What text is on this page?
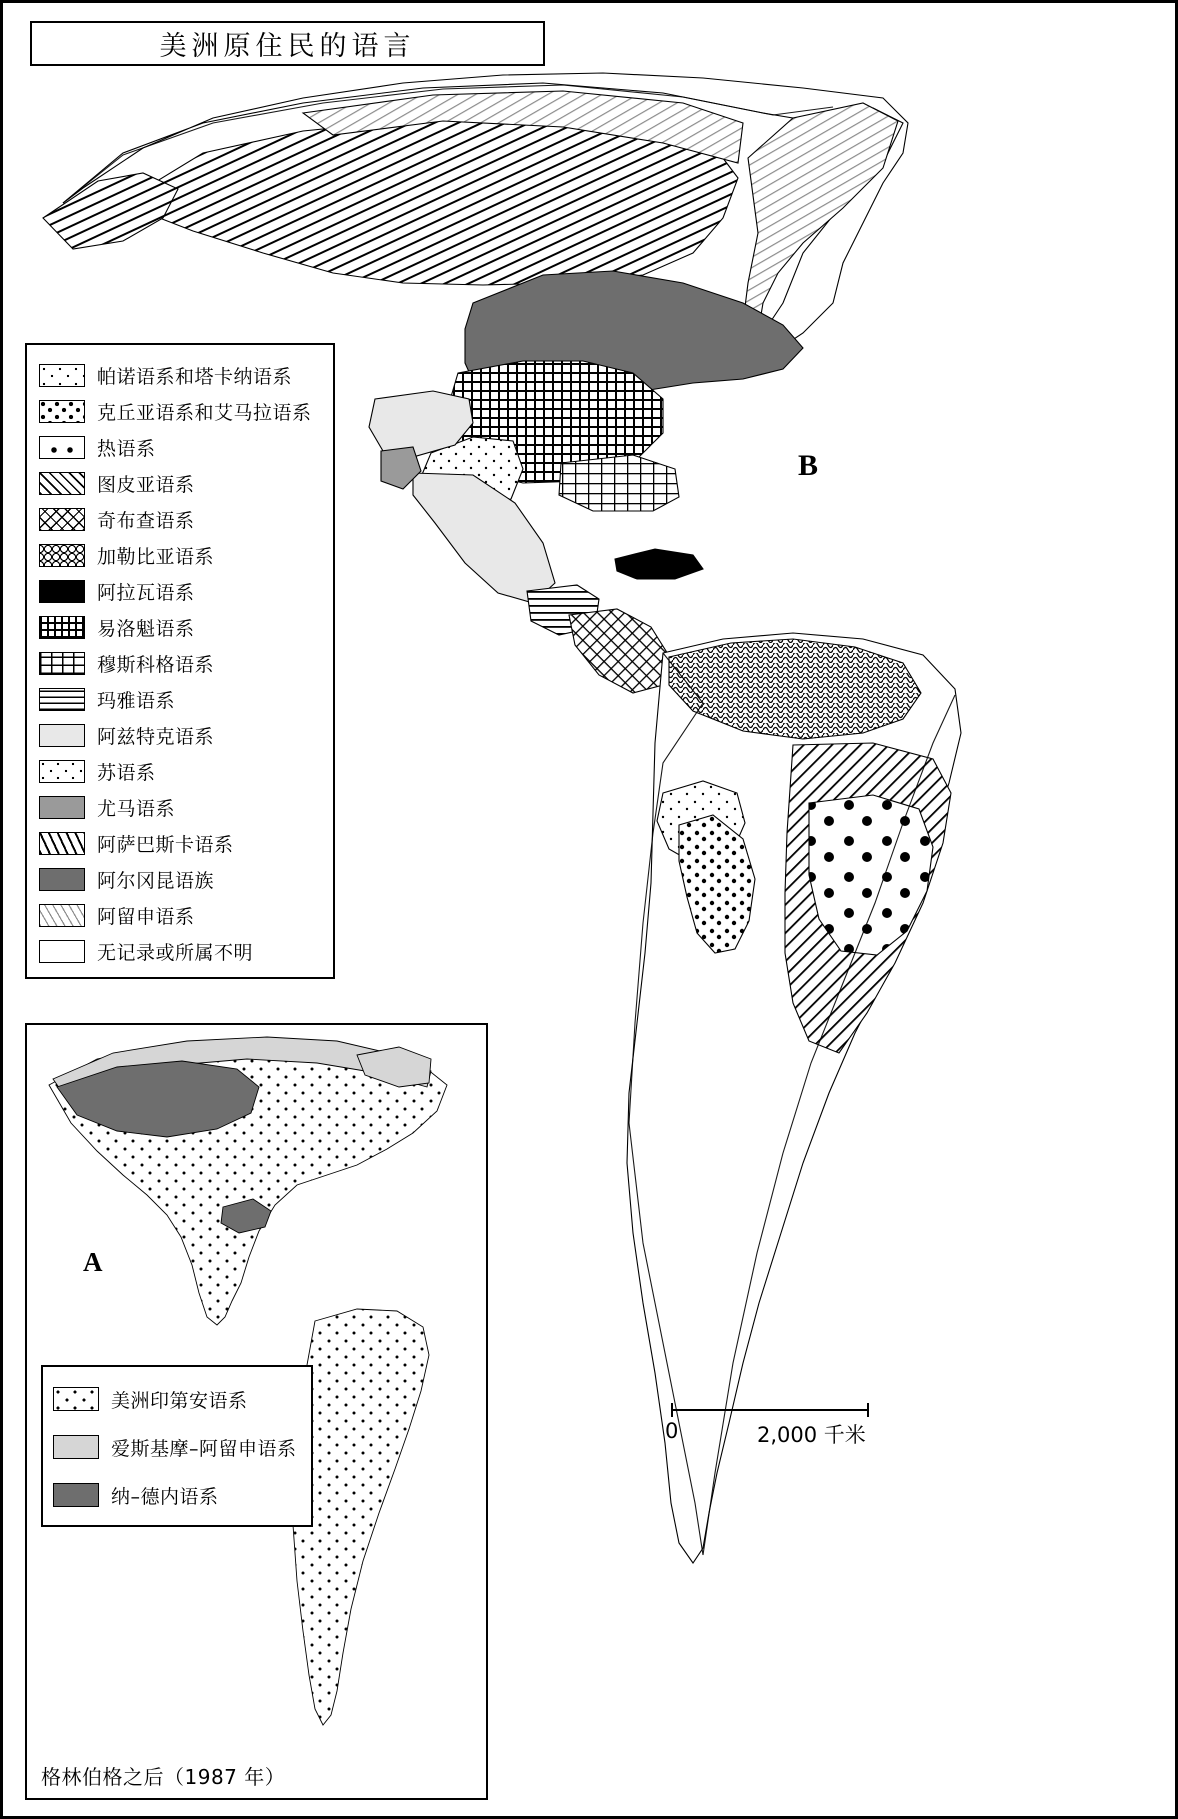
美洲原住民的语言
B
帕诺语系和塔卡纳语系
克丘亚语系和艾马拉语系
热语系
图皮亚语系
奇布查语系
加勒比亚语系
阿拉瓦语系
易洛魁语系
穆斯科格语系
玛雅语系
阿兹特克语系
苏语系
尤马语系
阿萨巴斯卡语系
阿尔冈昆语族
阿留申语系
无记录或所属不明
A
美洲印第安语系
爱斯基摩–阿留申语系
纳–德内语系
格林伯格之后（1987 年）
0	2,000 千米
